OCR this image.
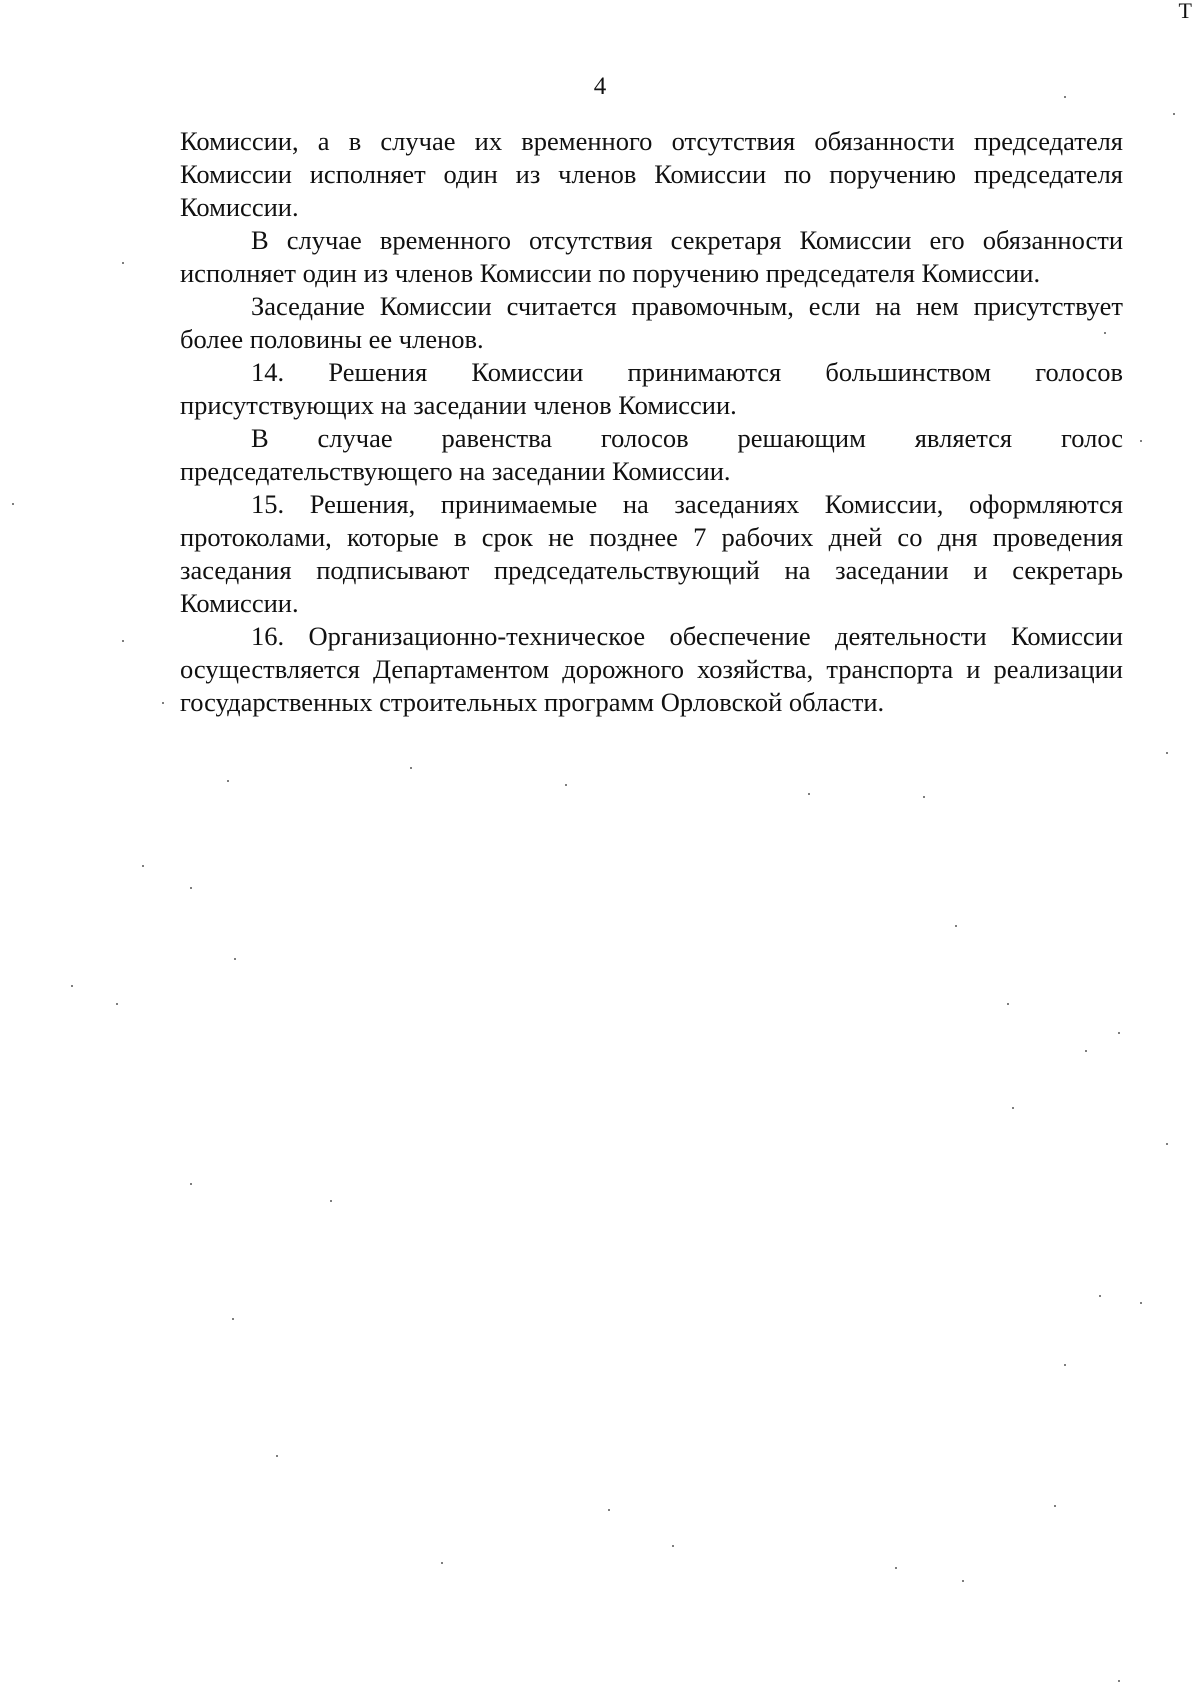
Т
4

Комиссии, а в случае их временного отсутствия обязанности председателя Комиссии исполняет один из членов Комиссии по поручению председателя Комиссии.

В случае временного отсутствия секретаря Комиссии его обязанности исполняет один из членов Комиссии по поручению председателя Комиссии.

Заседание Комиссии считается правомочным, если на нем присутствует более половины ее членов.

14. Решения Комиссии принимаются большинством голосов присутствующих на заседании членов Комиссии.

В случае равенства голосов решающим является голос председательствующего на заседании Комиссии.

15. Решения, принимаемые на заседаниях Комиссии, оформляются протоколами, которые в срок не позднее 7 рабочих дней со дня проведения заседания подписывают председательствующий на заседании и секретарь Комиссии.

16. Организационно-техническое обеспечение деятельности Комиссии осуществляется Департаментом дорожного хозяйства, транспорта и реализации государственных строительных программ Орловской области.
